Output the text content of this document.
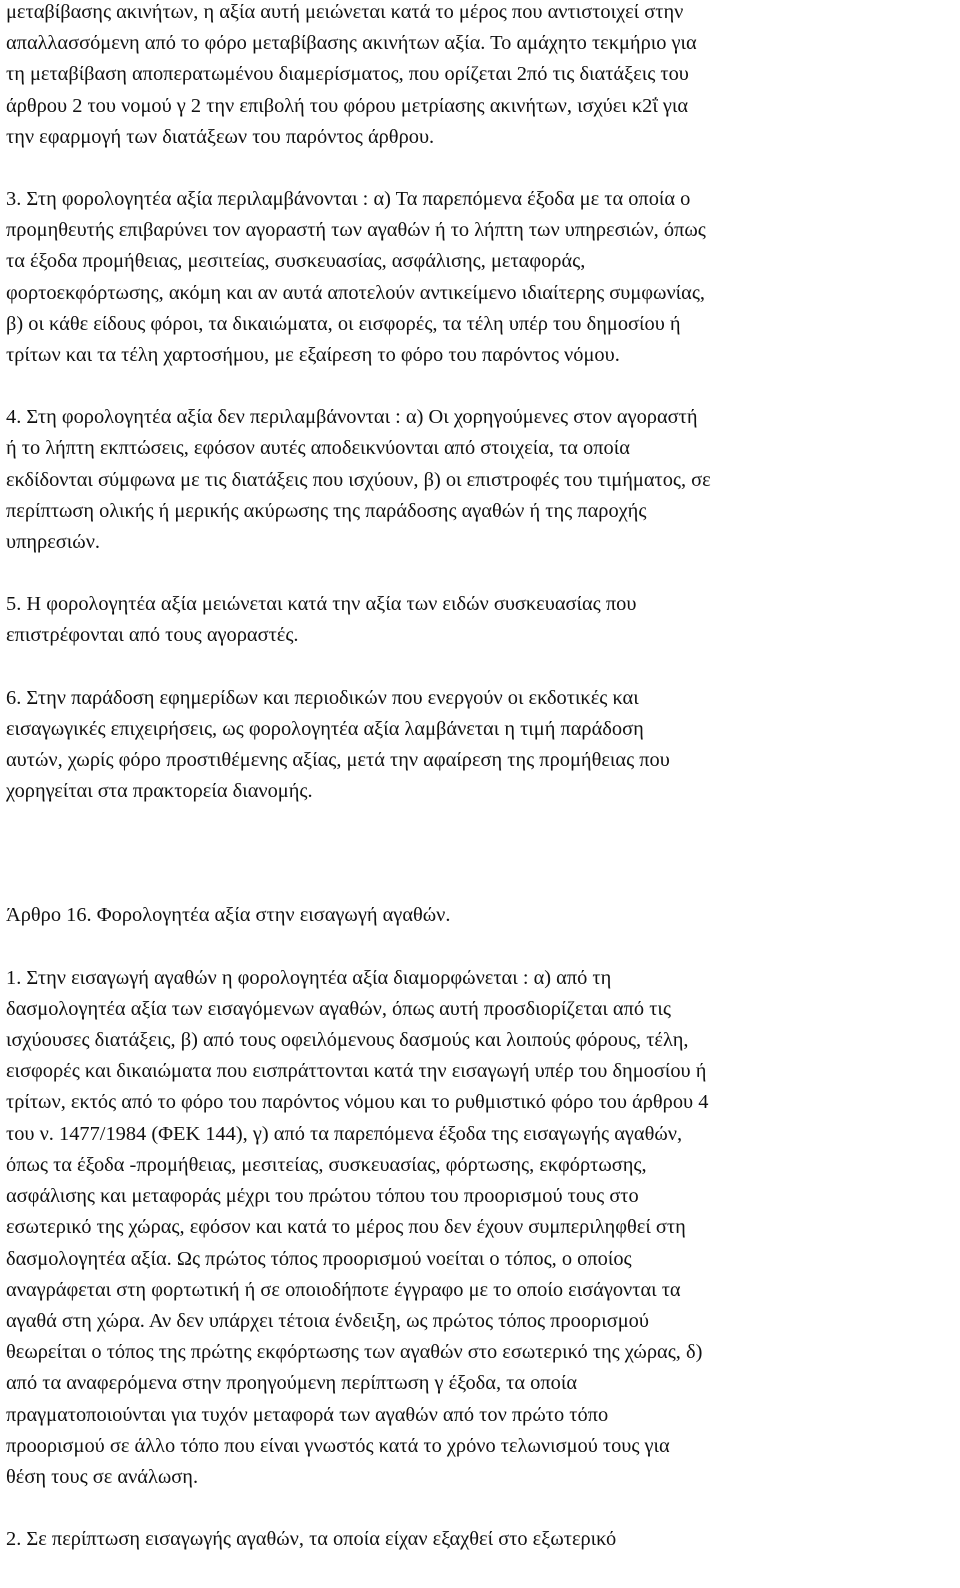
μεταβίβασης ακινήτων, η αξία αυτή μειώνεται κατά το μέρος που αντιστοιχεί στην
απαλλασσόμενη από το φόρο μεταβίβασης ακινήτων αξία. Το αμάχητο τεκμήριο για
τη μεταβίβαση αποπερατωμένου διαμερίσματος, που ορίζεται 2πό τις διατάξεις του
άρθρου 2 του νομού γ 2 την επιβολή του φόρου μετρίασης ακινήτων, ισχύει κ2ΐ για
την εφαρμογή των διατάξεων του παρόντος άρθρου.

3. Στη φορολογητέα αξία περιλαμβάνονται : α) Τα παρεπόμενα έξοδα με τα οποία ο
προμηθευτής επιβαρύνει τον αγοραστή των αγαθών ή το λήπτη των υπηρεσιών, όπως
τα έξοδα προμήθειας, μεσιτείας, συσκευασίας, ασφάλισης, μεταφοράς,
φορτοεκφόρτωσης, ακόμη και αν αυτά αποτελούν αντικείμενο ιδιαίτερης συμφωνίας,
β) οι κάθε είδους φόροι, τα δικαιώματα, οι εισφορές, τα τέλη υπέρ του δημοσίου ή
τρίτων και τα τέλη χαρτοσήμου, με εξαίρεση το φόρο του παρόντος νόμου.

4. Στη φορολογητέα αξία δεν περιλαμβάνονται : α) Οι χορηγούμενες στον αγοραστή
ή το λήπτη εκπτώσεις, εφόσον αυτές αποδεικνύονται από στοιχεία, τα οποία
εκδίδονται σύμφωνα με τις διατάξεις που ισχύουν, β) οι επιστροφές του τιμήματος, σε
περίπτωση ολικής ή μερικής ακύρωσης της παράδοσης αγαθών ή της παροχής
υπηρεσιών.

5. Η φορολογητέα αξία μειώνεται κατά την αξία των ειδών συσκευασίας που
επιστρέφονται από τους αγοραστές.

6. Στην παράδοση εφημερίδων και περιοδικών που ενεργούν οι εκδοτικές και
εισαγωγικές επιχειρήσεις, ως φορολογητέα αξία λαμβάνεται η τιμή παράδοση
αυτών, χωρίς φόρο προστιθέμενης αξίας, μετά την αφαίρεση της προμήθειας που
χορηγείται στα πρακτορεία διανομής.

Άρθρο 16. Φορολογητέα αξία στην εισαγωγή αγαθών.

1. Στην εισαγωγή αγαθών η φορολογητέα αξία διαμορφώνεται : α) από τη
δασμολογητέα αξία των εισαγόμενων αγαθών, όπως αυτή προσδιορίζεται από τις
ισχύουσες διατάξεις, β) από τους οφειλόμενους δασμούς και λοιπούς φόρους, τέλη,
εισφορές και δικαιώματα που εισπράττονται κατά την εισαγωγή υπέρ του δημοσίου ή
τρίτων, εκτός από το φόρο του παρόντος νόμου και το ρυθμιστικό φόρο του άρθρου 4
του ν. 1477/1984 (ΦΕΚ 144), γ) από τα παρεπόμενα έξοδα της εισαγωγής αγαθών,
όπως τα έξοδα -προμήθειας, μεσιτείας, συσκευασίας, φόρτωσης, εκφόρτωσης,
ασφάλισης και μεταφοράς μέχρι του πρώτου τόπου του προορισμού τους στο
εσωτερικό της χώρας, εφόσον και κατά το μέρος που δεν έχουν συμπεριληφθεί στη
δασμολογητέα αξία. Ως πρώτος τόπος προορισμού νοείται ο τόπος, ο οποίος
αναγράφεται στη φορτωτική ή σε οποιοδήποτε έγγραφο με το οποίο εισάγονται τα
αγαθά στη χώρα. Αν δεν υπάρχει τέτοια ένδειξη, ως πρώτος τόπος προορισμού
θεωρείται ο τόπος της πρώτης εκφόρτωσης των αγαθών στο εσωτερικό της χώρας, δ)
από τα αναφερόμενα στην προηγούμενη περίπτωση γ έξοδα, τα οποία
πραγματοποιούνται για τυχόν μεταφορά των αγαθών από τον πρώτο τόπο
προορισμού σε άλλο τόπο που είναι γνωστός κατά το χρόνο τελωνισμού τους για
θέση τους σε ανάλωση.

2. Σε περίπτωση εισαγωγής αγαθών, τα οποία είχαν εξαχθεί στο εξωτερικό
